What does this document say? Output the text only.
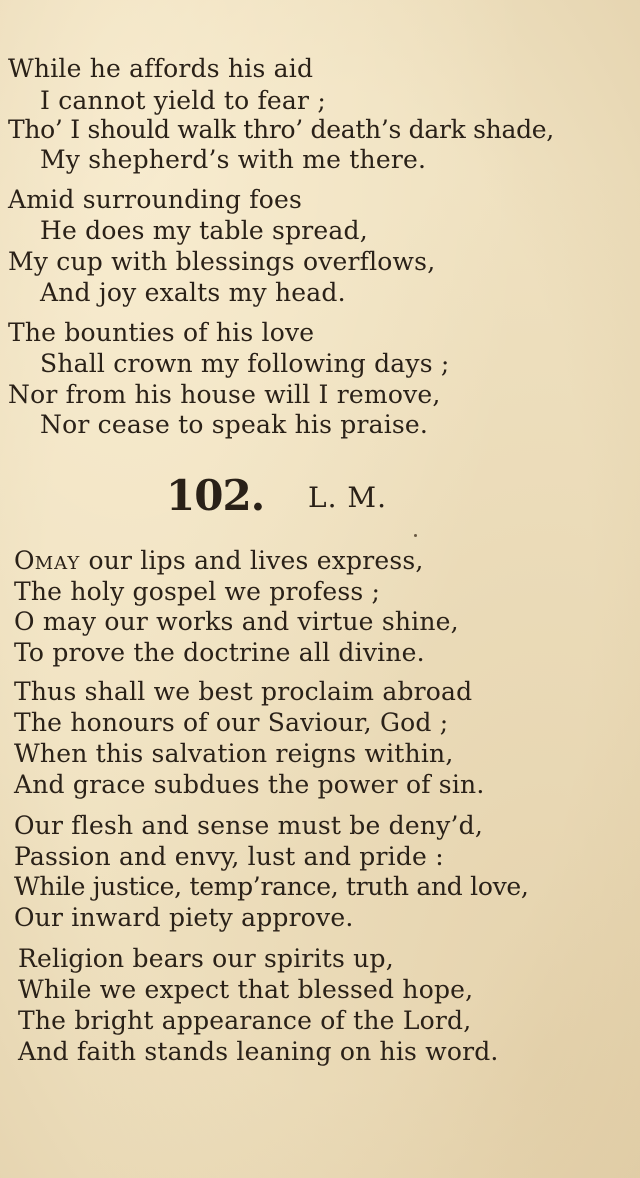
While he affords his aid
I cannot yield to fear ;
Tho’ I should walk thro’ death’s dark shade,
My shepherd’s with me there.
Amid surrounding foes
He does my table spread,
My cup with blessings overflows,
And joy exalts my head.
The bounties of his love
Shall crown my following days ;
Nor from his house will I remove,
Nor cease to speak his praise.
102. L. M.
Omay our lips and lives express,
The holy gospel we profess ;
O may our works and virtue shine,
To prove the doctrine all divine.
Thus shall we best proclaim abroad
The honours of our Saviour, God ;
When this salvation reigns within,
And grace subdues the power of sin.
Our flesh and sense must be deny’d,
Passion and envy, lust and pride :
While justice, temp’rance, truth and love,
Our inward piety approve.
Religion bears our spirits up,
While we expect that blessed hope,
The bright appearance of the Lord,
And faith stands leaning on his word.
